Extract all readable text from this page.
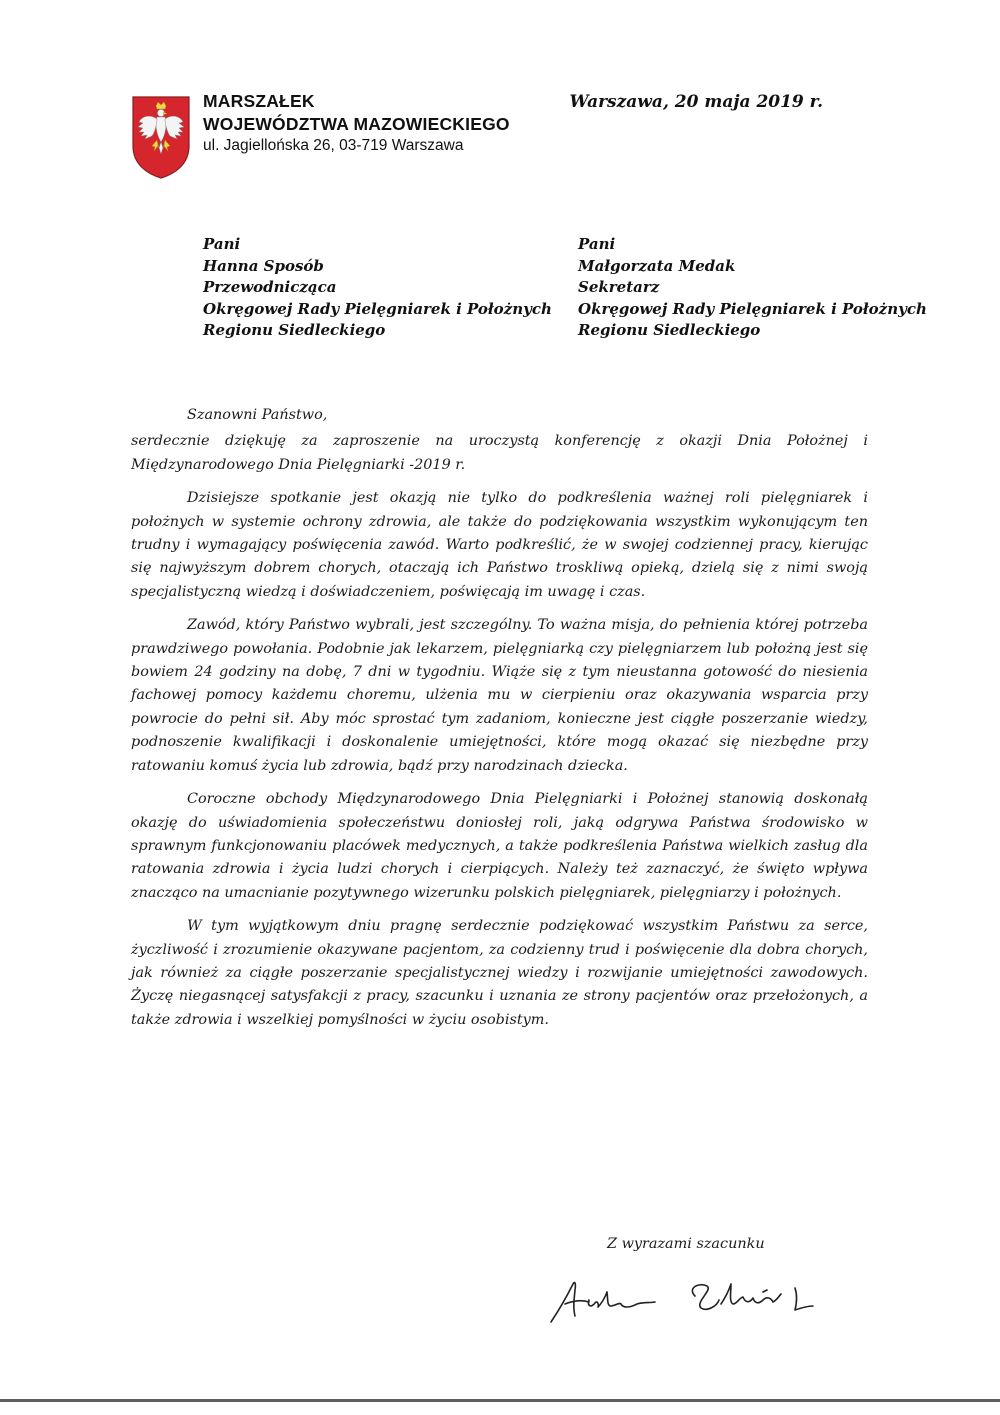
MARSZAŁEK
WOJEWÓDZTWA MAZOWIECKIEGO
ul. Jagiellońska 26, 03-719 Warszawa
Warszawa, 20 maja 2019 r.
Pani
Hanna Sposób
Przewodnicząca
Okręgowej Rady Pielęgniarek i Położnych
Regionu Siedleckiego
Pani
Małgorzata Medak
Sekretarz
Okręgowej Rady Pielęgniarek i Położnych
Regionu Siedleckiego
Szanowni Państwo,

serdecznie dziękuję za zaproszenie na uroczystą konferencję z okazji Dnia Położnej i Międzynarodowego Dnia Pielęgniarki -2019 r.

Dzisiejsze spotkanie jest okazją nie tylko do podkreślenia ważnej roli pielęgniarek i położnych w systemie ochrony zdrowia, ale także do podziękowania wszystkim wykonującym ten trudny i wymagający poświęcenia zawód. Warto podkreślić, że w swojej codziennej pracy, kierując się najwyższym dobrem chorych, otaczają ich Państwo troskliwą opieką, dzielą się z nimi swoją specjalistyczną wiedzą i doświadczeniem, poświęcają im uwagę i czas.

Zawód, który Państwo wybrali, jest szczególny. To ważna misja, do pełnienia której potrzeba prawdziwego powołania. Podobnie jak lekarzem, pielęgniarką czy pielęgniarzem lub położną jest się bowiem 24 godziny na dobę, 7 dni w tygodniu. Wiąże się z tym nieustanna gotowość do niesienia fachowej pomocy każdemu choremu, ulżenia mu w cierpieniu oraz okazywania wsparcia przy powrocie do pełni sił. Aby móc sprostać tym zadaniom, konieczne jest ciągłe poszerzanie wiedzy, podnoszenie kwalifikacji i doskonalenie umiejętności, które mogą okazać się niezbędne przy ratowaniu komuś życia lub zdrowia, bądź przy narodzinach dziecka.

Coroczne obchody Międzynarodowego Dnia Pielęgniarki i Położnej stanowią doskonałą okazję do uświadomienia społeczeństwu doniosłej roli, jaką odgrywa Państwa środowisko w sprawnym funkcjonowaniu placówek medycznych, a także podkreślenia Państwa wielkich zasług dla ratowania zdrowia i życia ludzi chorych i cierpiących. Należy też zaznaczyć, że święto wpływa znacząco na umacnianie pozytywnego wizerunku polskich pielęgniarek, pielęgniarzy i położnych.

W tym wyjątkowym dniu pragnę serdecznie podziękować wszystkim Państwu za serce, życzliwość i zrozumienie okazywane pacjentom, za codzienny trud i poświęcenie dla dobra chorych, jak również za ciągłe poszerzanie specjalistycznej wiedzy i rozwijanie umiejętności zawodowych. Życzę niegasnącej satysfakcji z pracy, szacunku i uznania ze strony pacjentów oraz przełożonych, a także zdrowia i wszelkiej pomyślności w życiu osobistym.

Z wyrazami szacunku
